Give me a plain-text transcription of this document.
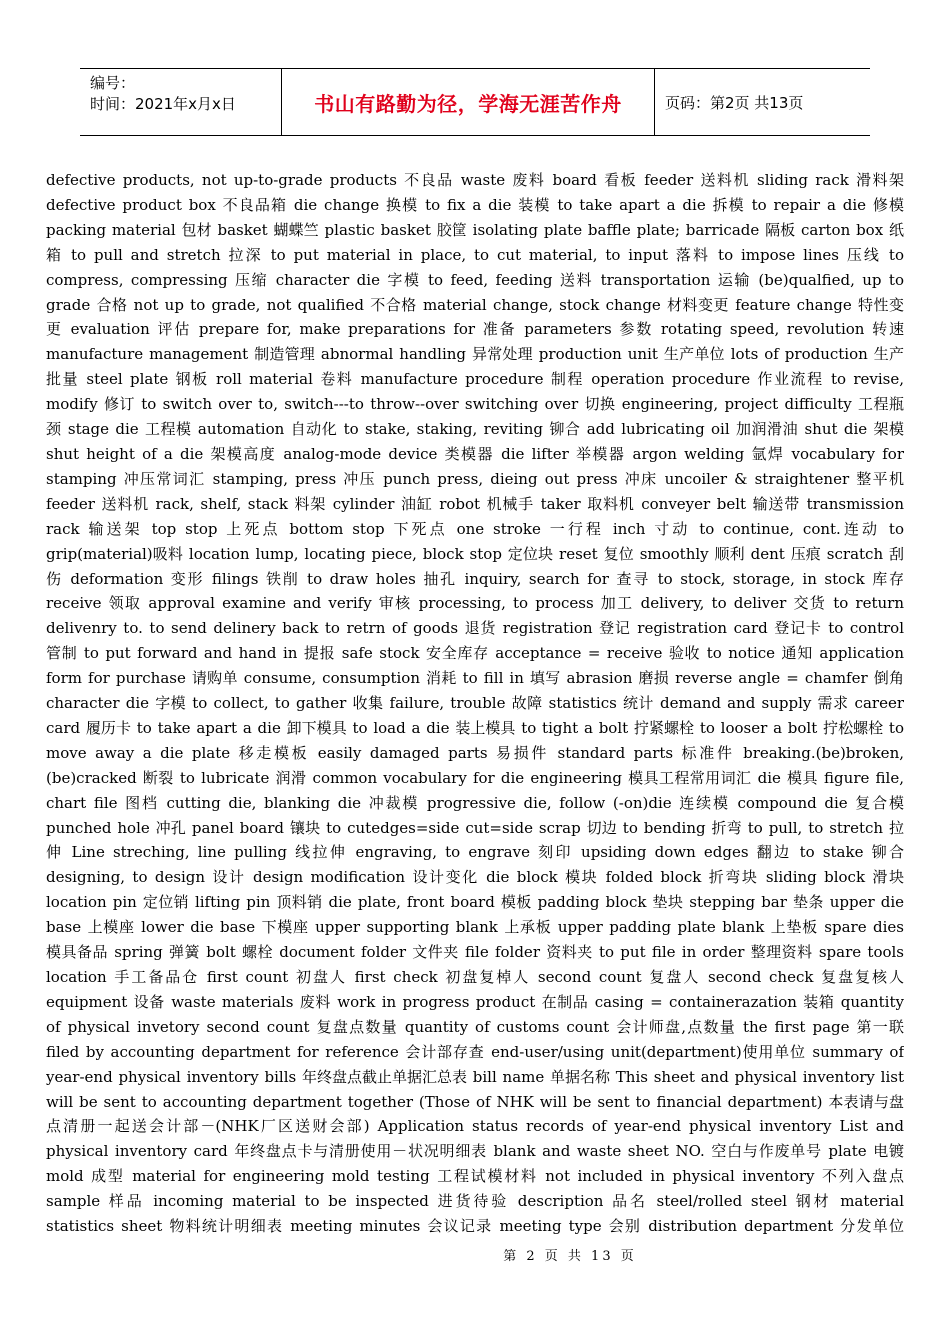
编号：
时间：2021年x月x日	书山有路勤为径，学海无涯苦作舟	页码：第2页 共13页

defective products, not up-to-grade products 不良品 waste 废料 board 看板 feeder 送料机 sliding rack 滑料架 defective product box 不良品箱 die change 换模 to fix a die 装模 to take apart a die 拆模 to repair a die 修模 packing material 包材 basket 蝴蝶竺 plastic basket 胶筐 isolating plate baffle plate; barricade 隔板 carton box 纸箱 to pull and stretch 拉深 to put material in place, to cut material, to input 落料 to impose lines 压线 to compress, compressing 压缩 character die 字模 to feed, feeding 送料 transportation 运输 (be)qualfied, up to grade 合格 not up to grade, not qualified 不合格 material change, stock change 材料变更 feature change 特性变更 evaluation 评估 prepare for, make preparations for 准备 parameters 参数 rotating speed, revolution 转速 manufacture management 制造管理 abnormal handling 异常处理 production unit 生产单位 lots of production 生产批量 steel plate 钢板 roll material 卷料 manufacture procedure 制程 operation procedure 作业流程 to revise, modify 修订 to switch over to, switch---to throw--over switching over 切换 engineering, project difficulty 工程瓶颈 stage die 工程模 automation 自动化 to stake, staking, reviting 铆合 add lubricating oil 加润滑油 shut die 架模 shut height of a die 架模高度 analog-mode device 类模器 die lifter 举模器 argon welding 氩焊 vocabulary for stamping 冲压常词汇 stamping, press 冲压 punch press, dieing out press 冲床 uncoiler & straightener 整平机 feeder 送料机 rack, shelf, stack 料架 cylinder 油缸 robot 机械手 taker 取料机 conveyer belt 输送带 transmission rack 输送架 top stop 上死点 bottom stop 下死点 one stroke 一行程 inch 寸动 to continue, cont.连动 to grip(material)吸料 location lump, locating piece, block stop 定位块 reset 复位 smoothly 顺利 dent 压痕 scratch 刮伤 deformation 变形 filings 铁削 to draw holes 抽孔 inquiry, search for 查寻 to stock, storage, in stock 库存 receive 领取 approval examine and verify 审核 processing, to process 加工 delivery, to deliver 交货 to return delivenry to. to send delinery back to retrn of goods 退货 registration 登记 registration card 登记卡 to control 管制 to put forward and hand in 提报 safe stock 安全库存 acceptance = receive 验收 to notice 通知 application form for purchase 请购单 consume, consumption 消耗 to fill in 填写 abrasion 磨损 reverse angle = chamfer 倒角 character die 字模 to collect, to gather 收集 failure, trouble 故障 statistics 统计 demand and supply 需求 career card 履历卡 to take apart a die 卸下模具 to load a die 装上模具 to tight a bolt 拧紧螺栓 to looser a bolt 拧松螺栓 to move away a die plate 移走模板 easily damaged parts 易损件 standard parts 标准件 breaking.(be)broken, (be)cracked 断裂 to lubricate 润滑 common vocabulary for die engineering 模具工程常用词汇 die 模具 figure file, chart file 图档 cutting die, blanking die 冲裁模 progressive die, follow (-on)die 连续模 compound die 复合模 punched hole 冲孔 panel board 镶块 to cutedges=side cut=side scrap 切边 to bending 折弯 to pull, to stretch 拉伸 Line streching, line pulling 线拉伸 engraving, to engrave 刻印 upsiding down edges 翻边 to stake 铆合 designing, to design 设计 design modification 设计变化 die block 模块 folded block 折弯块 sliding block 滑块 location pin 定位销 lifting pin 顶料销 die plate, front board 模板 padding block 垫块 stepping bar 垫条 upper die base 上模座 lower die base 下模座 upper supporting blank 上承板 upper padding plate blank 上垫板 spare dies 模具备品 spring 弹簧 bolt 螺栓 document folder 文件夹 file folder 资料夹 to put file in order 整理资料 spare tools location 手工备品仓 first count 初盘人 first check 初盘复棹人 second count 复盘人 second check 复盘复核人 equipment 设备 waste materials 废料 work in progress product 在制品 casing = containerazation 装箱 quantity of physical invetory second count 复盘点数量 quantity of customs count 会计师盘,点数量 the first page 第一联 filed by accounting department for reference 会计部存查 end-user/using unit(department)使用单位 summary of year-end physical inventory bills 年终盘点截止单据汇总表 bill name 单据名称 This sheet and physical inventory list will be sent to accounting department together (Those of NHK will be sent to financial department) 本表请与盘点清册一起送会计部－(NHK厂区送财会部) Application status records of year-end physical inventory List and physical inventory card 年终盘点卡与清册使用－状况明细表 blank and waste sheet NO. 空白与作废单号 plate 电镀 mold 成型 material for engineering mold testing 工程试模材料 not included in physical inventory 不列入盘点 sample 样品 incoming material to be inspected 进货待验 description 品名 steel/rolled steel 钢材 material statistics sheet 物料统计明细表 meeting minutes 会议记录 meeting type 会别 distribution department 分发单位

第 2 页 共 13 页
